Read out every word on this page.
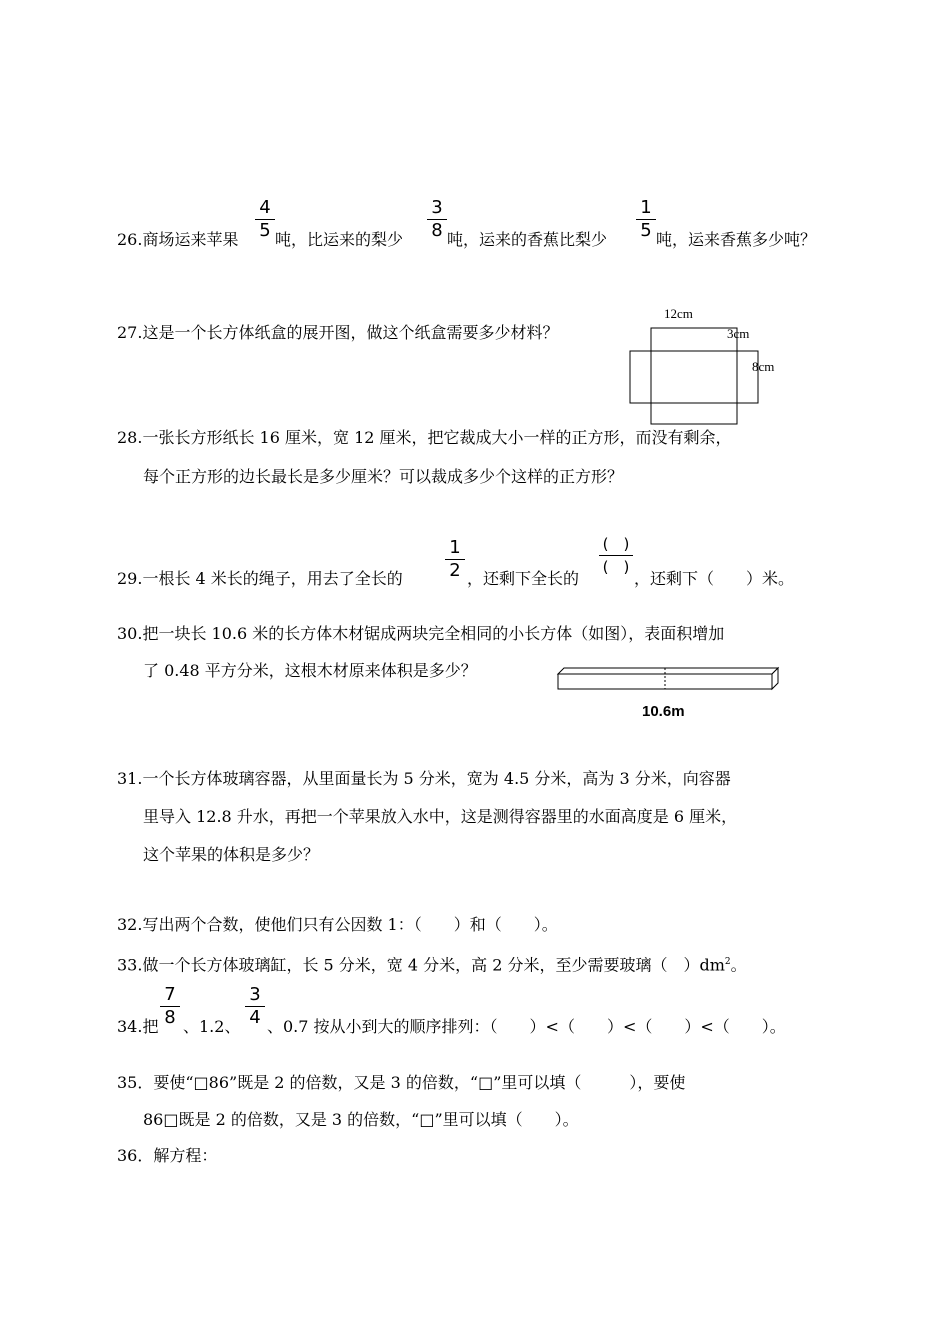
26.商场运来苹果
4
5 吨，比运来的梨少
3
8 吨，运来的香蕉比梨少
1
5 吨，运来香蕉多少吨？
27.这是一个长方体纸盒的展开图，做这个纸盒需要多少材料？
12cm
3cm
8cm
28.一张长方形纸长 16 厘米，宽 12 厘米，把它裁成大小一样的正方形，而没有剩余，
每个正方形的边长最长是多少厘米？可以裁成多少个这样的正方形？
29.一根长 4 米长的绳子，用去了全长的
1
2 ，还剩下全长的
(　)
(　)
，还剩下（　　）米。
30.把一块长 10.6 米的长方体木材锯成两块完全相同的小长方体（如图），表面积增加
了 0.48 平方分米，这根木材原来体积是多少？
10.6m
31.一个长方体玻璃容器，从里面量长为 5 分米，宽为 4.5 分米，高为 3 分米，向容器
里导入 12.8 升水，再把一个苹果放入水中，这是测得容器里的水面高度是 6 厘米，
这个苹果的体积是多少？
32.写出两个合数，使他们只有公因数 1：（　　）和（　　）。
33.做一个长方体玻璃缸，长 5 分米，宽 4 分米，高 2 分米，至少需要玻璃（　）$dm^2$。
34.把
7
8 、1.2、
3
4 、0.7 按从小到大的顺序排列：（　　）<（　　）<（　　）<（　　）。
35．要使“□86”既是 2 的倍数，又是 3 的倍数，“□”里可以填（　　　），要使
86□既是 2 的倍数，又是 3 的倍数，“□”里可以填（　　）。
36．解方程：
